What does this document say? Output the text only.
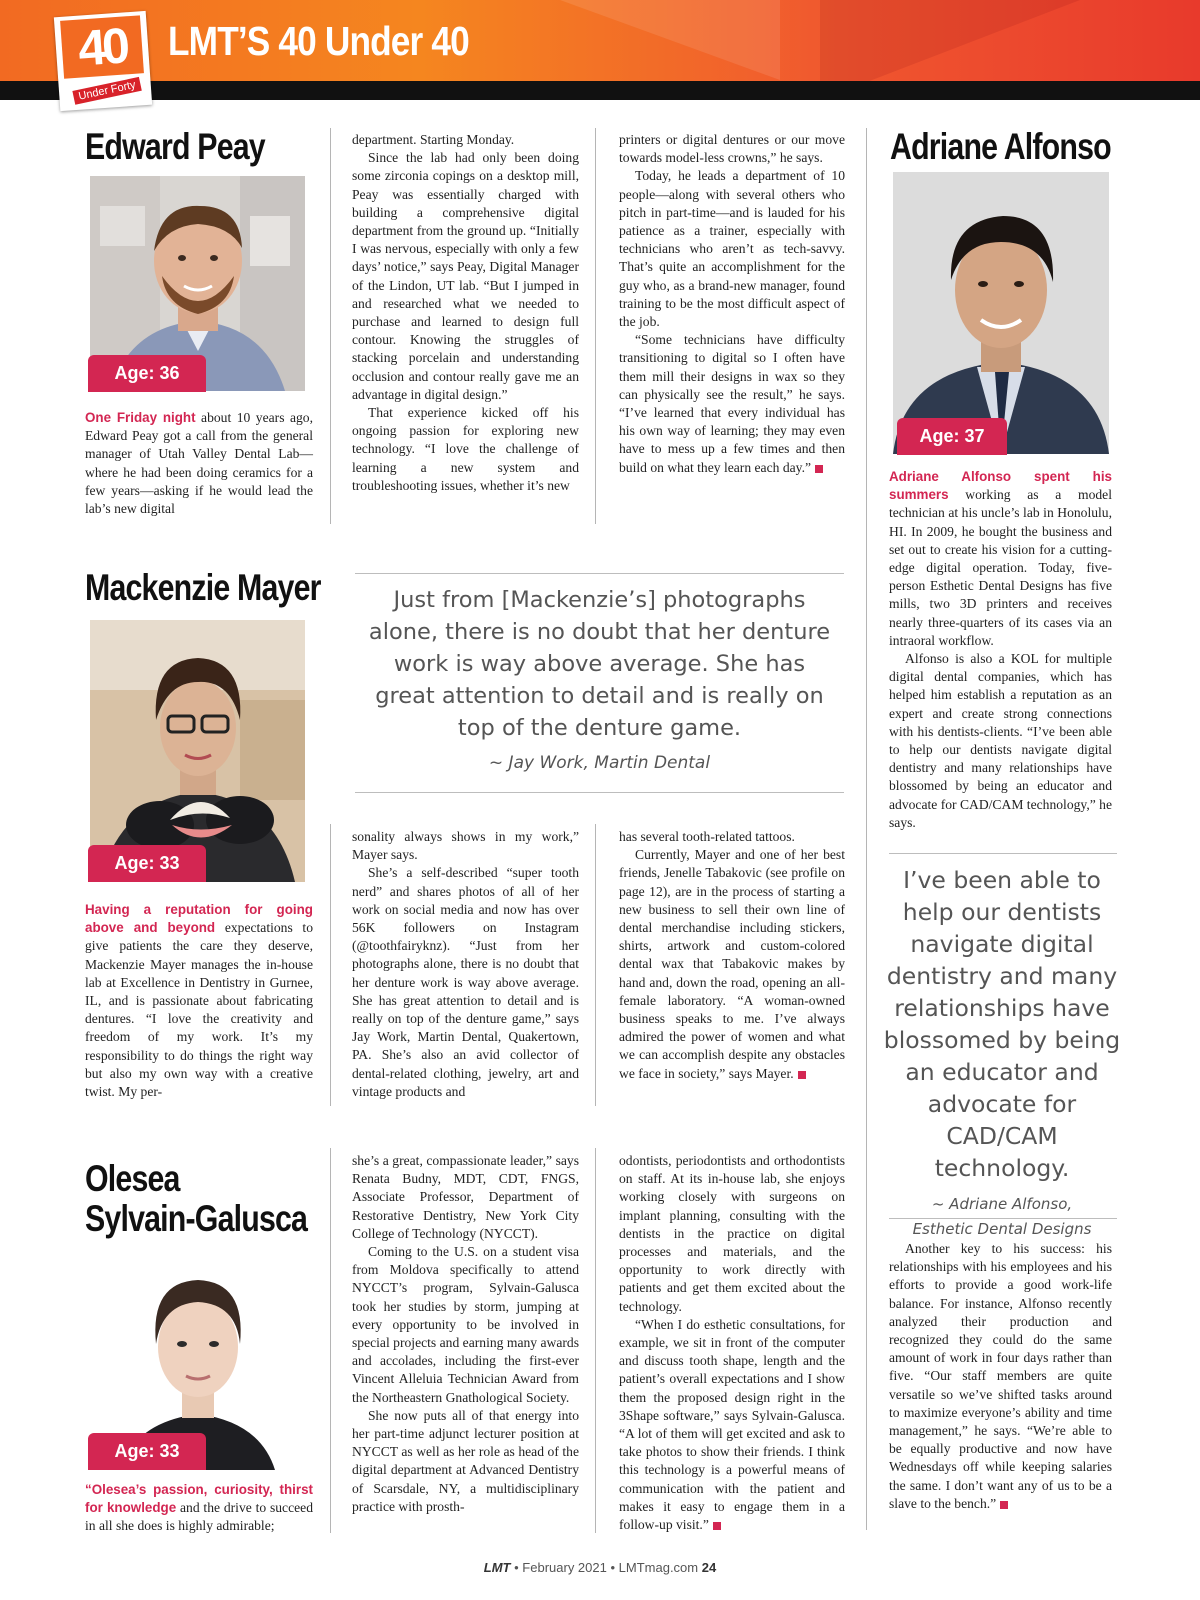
40
Under Forty
LMT’S 40 Under 40
Edward Peay
Age: 36

One Friday night about 10 years ago, Edward Peay got a call from the general manager of Utah Valley Dental Lab—where he had been doing ceramics for a few years—asking if he would lead the lab’s new digital

department. Starting Monday.

Since the lab had only been doing some zirconia copings on a desktop mill, Peay was essentially charged with building a comprehensive digital department from the ground up. “Initially I was nervous, especially with only a few days’ notice,” says Peay, Digital Manager of the Lindon, UT lab. “But I jumped in and researched what we needed to purchase and learned to design full contour. Knowing the struggles of stacking porcelain and understanding occlusion and contour really gave me an advantage in digital design.”

That experience kicked off his ongoing passion for exploring new technology. “I love the challenge of learning a new system and troubleshooting issues, whether it’s new

printers or digital dentures or our move towards model-less crowns,” he says.

Today, he leads a department of 10 people—along with several others who pitch in part-time—and is lauded for his patience as a trainer, especially with technicians who aren’t as tech-savvy. That’s quite an accomplishment for the guy who, as a brand-new manager, found training to be the most difficult aspect of the job.

“Some technicians have difficulty transitioning to digital so I often have them mill their designs in wax so they can physically see the result,” he says. “I’ve learned that every individual has his own way of learning; they may even have to mess up a few times and then build on what they learn each day.”

Adriane Alfonso
Age: 37

Adriane Alfonso spent his summers working as a model technician at his uncle’s lab in Honolulu, HI. In 2009, he bought the business and set out to create his vision for a cutting-edge digital operation. Today, five-person Esthetic Dental Designs has five mills, two 3D printers and receives nearly three-quarters of its cases via an intraoral workflow.

Alfonso is also a KOL for multiple digital dental companies, which has helped him establish a reputation as an expert and create strong connections with his dentists-clients. “I’ve been able to help our dentists navigate digital dentistry and many relationships have blossomed by being an educator and advocate for CAD/CAM technology,” he says.

I’ve been able to help our dentists navigate digital dentistry and many relationships have blossomed by being an educator and advocate for CAD/CAM technology.
~ Adriane Alfonso,
Esthetic Dental Designs

Another key to his success: his relationships with his employees and his efforts to provide a good work-life balance. For instance, Alfonso recently analyzed their production and recognized they could do the same amount of work in four days rather than five. “Our staff members are quite versatile so we’ve shifted tasks around to maximize everyone’s ability and time management,” he says. “We’re able to be equally productive and now have Wednesdays off while keeping salaries the same. I don’t want any of us to be a slave to the bench.”

Mackenzie Mayer
Age: 33
Just from [Mackenzie’s] photographs alone, there is no doubt that her denture work is way above average. She has great attention to detail and is really on top of the denture game.
~ Jay Work, Martin Dental

Having a reputation for going above and beyond expectations to give patients the care they deserve, Mackenzie Mayer manages the in-house lab at Excellence in Dentistry in Gurnee, IL, and is passionate about fabricating dentures. “I love the creativity and freedom of my work. It’s my responsibility to do things the right way but also my own way with a creative twist. My per-

sonality always shows in my work,” Mayer says.

She’s a self-described “super tooth nerd” and shares photos of all of her work on social media and now has over 56K followers on Instagram (@toothfairyknz). “Just from her photographs alone, there is no doubt that her denture work is way above average. She has great attention to detail and is really on top of the denture game,” says Jay Work, Martin Dental, Quakertown, PA. She’s also an avid collector of dental-related clothing, jewelry, art and vintage products and

has several tooth-related tattoos.

Currently, Mayer and one of her best friends, Jenelle Tabakovic (see profile on page 12), are in the process of starting a new business to sell their own line of dental merchandise including stickers, shirts, artwork and custom-colored dental wax that Tabakovic makes by hand and, down the road, opening an all-female laboratory. “A woman-owned business speaks to me. I’ve always admired the power of women and what we can accomplish despite any obstacles we face in society,” says Mayer.

Olesea
Sylvain-Galusca
Age: 33

“Olesea’s passion, curiosity, thirst for knowledge and the drive to succeed in all she does is highly admirable;

she’s a great, compassionate leader,” says Renata Budny, MDT, CDT, FNGS, Associate Professor, Department of Restorative Dentistry, New York City College of Technology (NYCCT).

Coming to the U.S. on a student visa from Moldova specifically to attend NYCCT’s program, Sylvain-Galusca took her studies by storm, jumping at every opportunity to be involved in special projects and earning many awards and accolades, including the first-ever Vincent Alleluia Technician Award from the Northeastern Gnathological Society.

She now puts all of that energy into her part-time adjunct lecturer position at NYCCT as well as her role as head of the digital department at Advanced Dentistry of Scarsdale, NY, a multidisciplinary practice with prosth-

odontists, periodontists and orthodontists on staff. At its in-house lab, she enjoys working closely with surgeons on implant planning, consulting with the dentists in the practice on digital processes and materials, and the opportunity to work directly with patients and get them excited about the technology.

“When I do esthetic consultations, for example, we sit in front of the computer and discuss tooth shape, length and the patient’s overall expectations and I show them the proposed design right in the 3Shape software,” says Sylvain-Galusca. “A lot of them will get excited and ask to take photos to show their friends. I think this technology is a powerful means of communication with the patient and makes it easy to engage them in a follow-up visit.”

LMT • February 2021 • LMTmag.com 24
